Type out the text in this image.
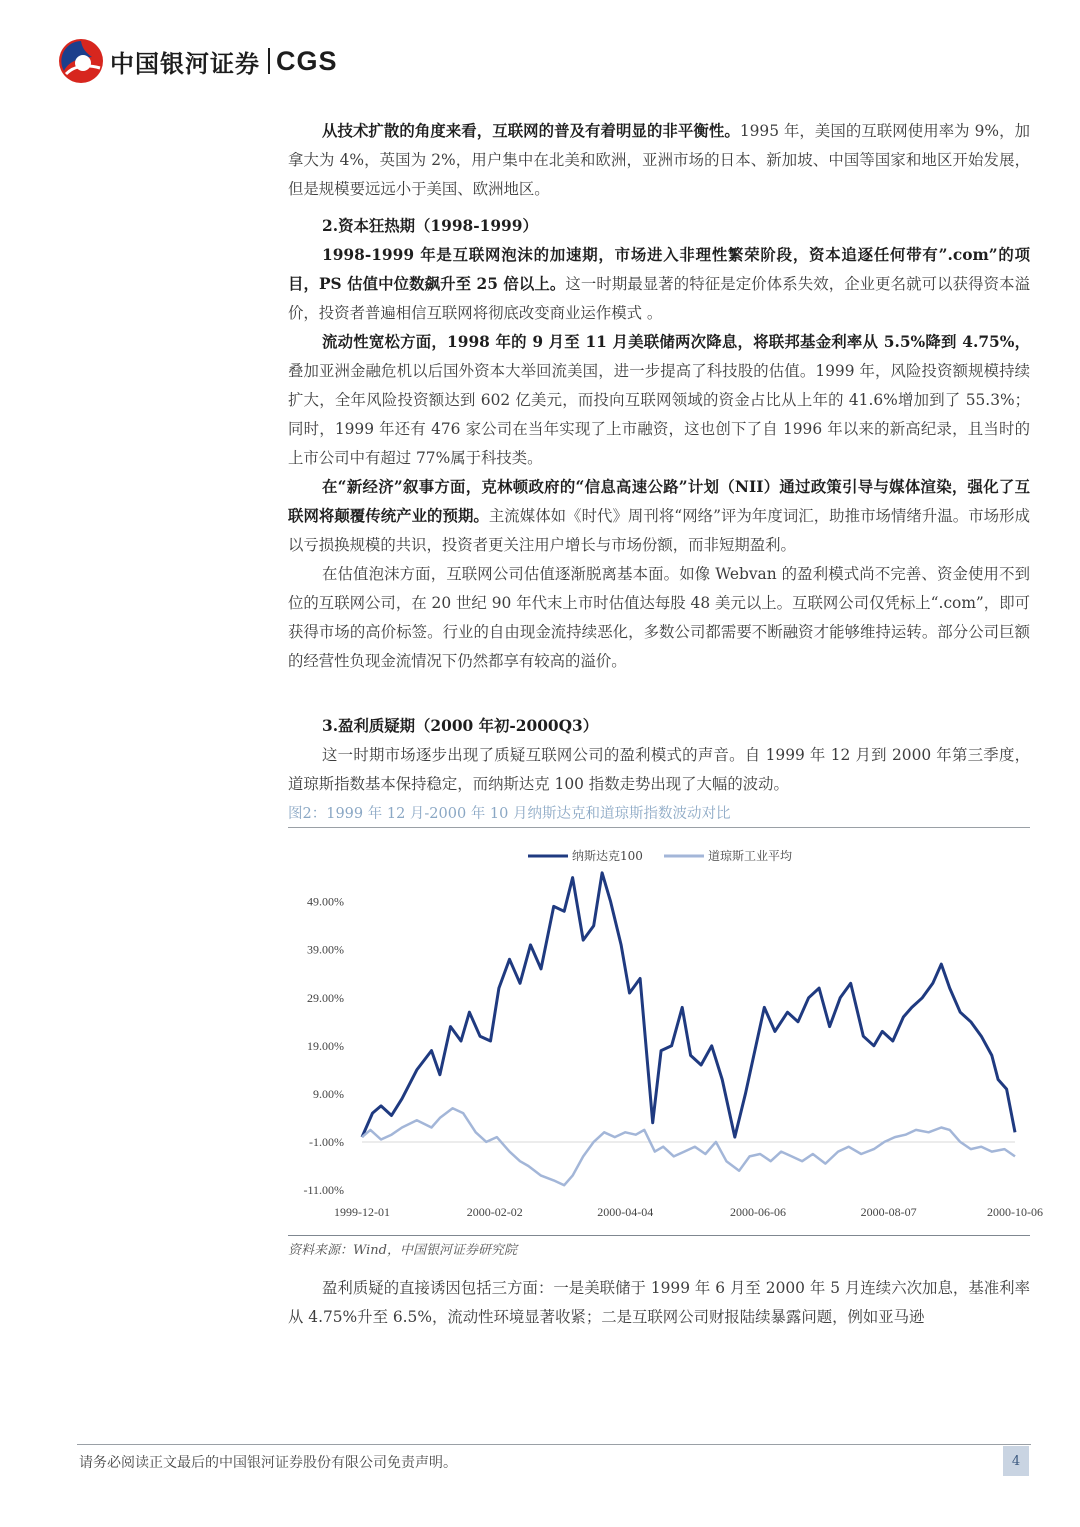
中国银河证券 CGS

从技术扩散的角度来看，互联网的普及有着明显的非平衡性。1995 年，美国的互联网使用率为 9%，加拿大为 4%，英国为 2%，用户集中在北美和欧洲，亚洲市场的日本、新加坡、中国等国家和地区开始发展，但是规模要远远小于美国、欧洲地区。

2.资本狂热期（1998-1999）

1998-1999 年是互联网泡沫的加速期，市场进入非理性繁荣阶段，资本追逐任何带有”.com”的项目，PS 估值中位数飙升至 25 倍以上。这一时期最显著的特征是定价体系失效，企业更名就可以获得资本溢价，投资者普遍相信互联网将彻底改变商业运作模式 。

流动性宽松方面，1998 年的 9 月至 11 月美联储两次降息，将联邦基金利率从 5.5%降到 4.75%，叠加亚洲金融危机以后国外资本大举回流美国，进一步提高了科技股的估值。1999 年，风险投资额规模持续扩大，全年风险投资额达到 602 亿美元，而投向互联网领域的资金占比从上年的 41.6%增加到了 55.3%；同时，1999 年还有 476 家公司在当年实现了上市融资，这也创下了自 1996 年以来的新高纪录，且当时的上市公司中有超过 77%属于科技类。

在“新经济”叙事方面，克林顿政府的“信息高速公路”计划（NII）通过政策引导与媒体渲染，强化了互联网将颠覆传统产业的预期。主流媒体如《时代》周刊将“网络”评为年度词汇，助推市场情绪升温。市场形成以亏损换规模的共识，投资者更关注用户增长与市场份额，而非短期盈利。

在估值泡沫方面，互联网公司估值逐渐脱离基本面。如像 Webvan 的盈利模式尚不完善、资金使用不到位的互联网公司，在 20 世纪 90 年代末上市时估值达每股 48 美元以上。互联网公司仅凭标上“.com”，即可获得市场的高价标签。行业的自由现金流持续恶化，多数公司都需要不断融资才能够维持运转。部分公司巨额的经营性负现金流情况下仍然都享有较高的溢价。

3.盈利质疑期（2000 年初-2000Q3）

这一时期市场逐步出现了质疑互联网公司的盈利模式的声音。自 1999 年 12 月到 2000 年第三季度，道琼斯指数基本保持稳定，而纳斯达克 100 指数走势出现了大幅的波动。

图2：1999 年 12 月-2000 年 10 月纳斯达克和道琼斯指数波动对比
49.00%
39.00%
29.00%
19.00%
9.00%
-1.00%
-11.00%
1999-12-01	2000-02-02	2000-04-04	2000-06-06	2000-08-07	2000-10-06
纳斯达克100	道琼斯工业平均
资料来源：Wind，中国银河证券研究院

盈利质疑的直接诱因包括三方面：一是美联储于 1999 年 6 月至 2000 年 5 月连续六次加息，基准利率从 4.75%升至 6.5%，流动性环境显著收紧；二是互联网公司财报陆续暴露问题，例如亚马逊

请务必阅读正文最后的中国银河证券股份有限公司免责声明。	4
